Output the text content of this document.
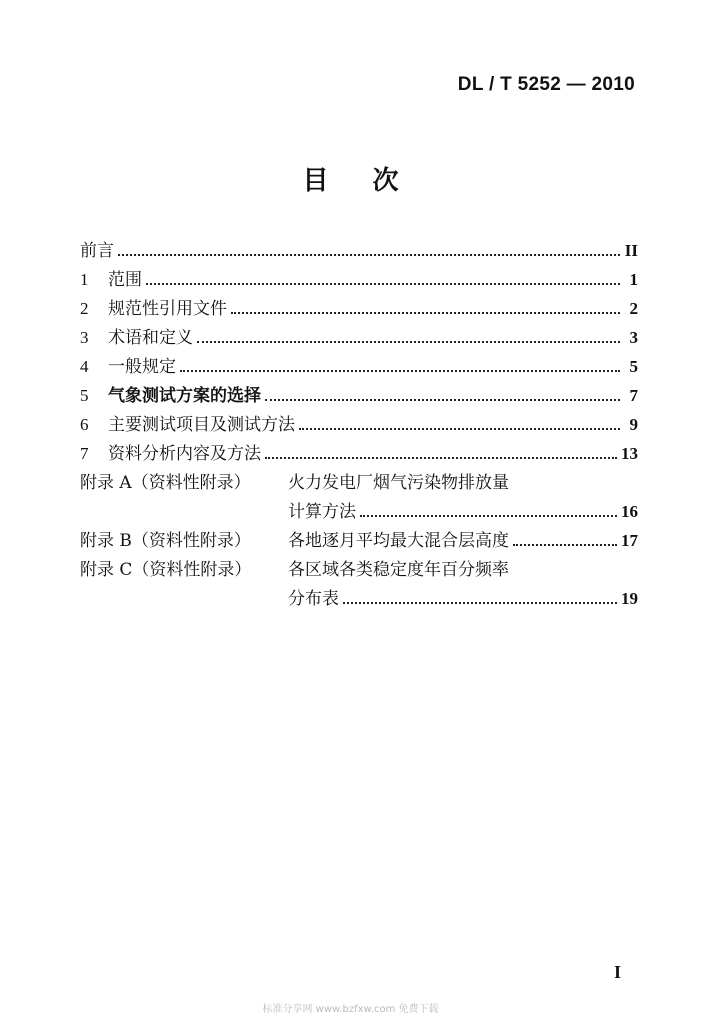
DL / T 5252 — 2010
目 次
前言	II
1	范围	1
2	规范性引用文件	2
3	术语和定义	3
4	一般规定	5
5	气象测试方案的选择	7
6	主要测试项目及测试方法	9
7	资料分析内容及方法	13
附录 A（资料性附录）	火力发电厂烟气污染物排放量
计算方法	16
附录 B（资料性附录）	各地逐月平均最大混合层高度	17
附录 C（资料性附录）	各区域各类稳定度年百分频率
分布表	19
I
标准分享网 www.bzfxw.com 免费下载
